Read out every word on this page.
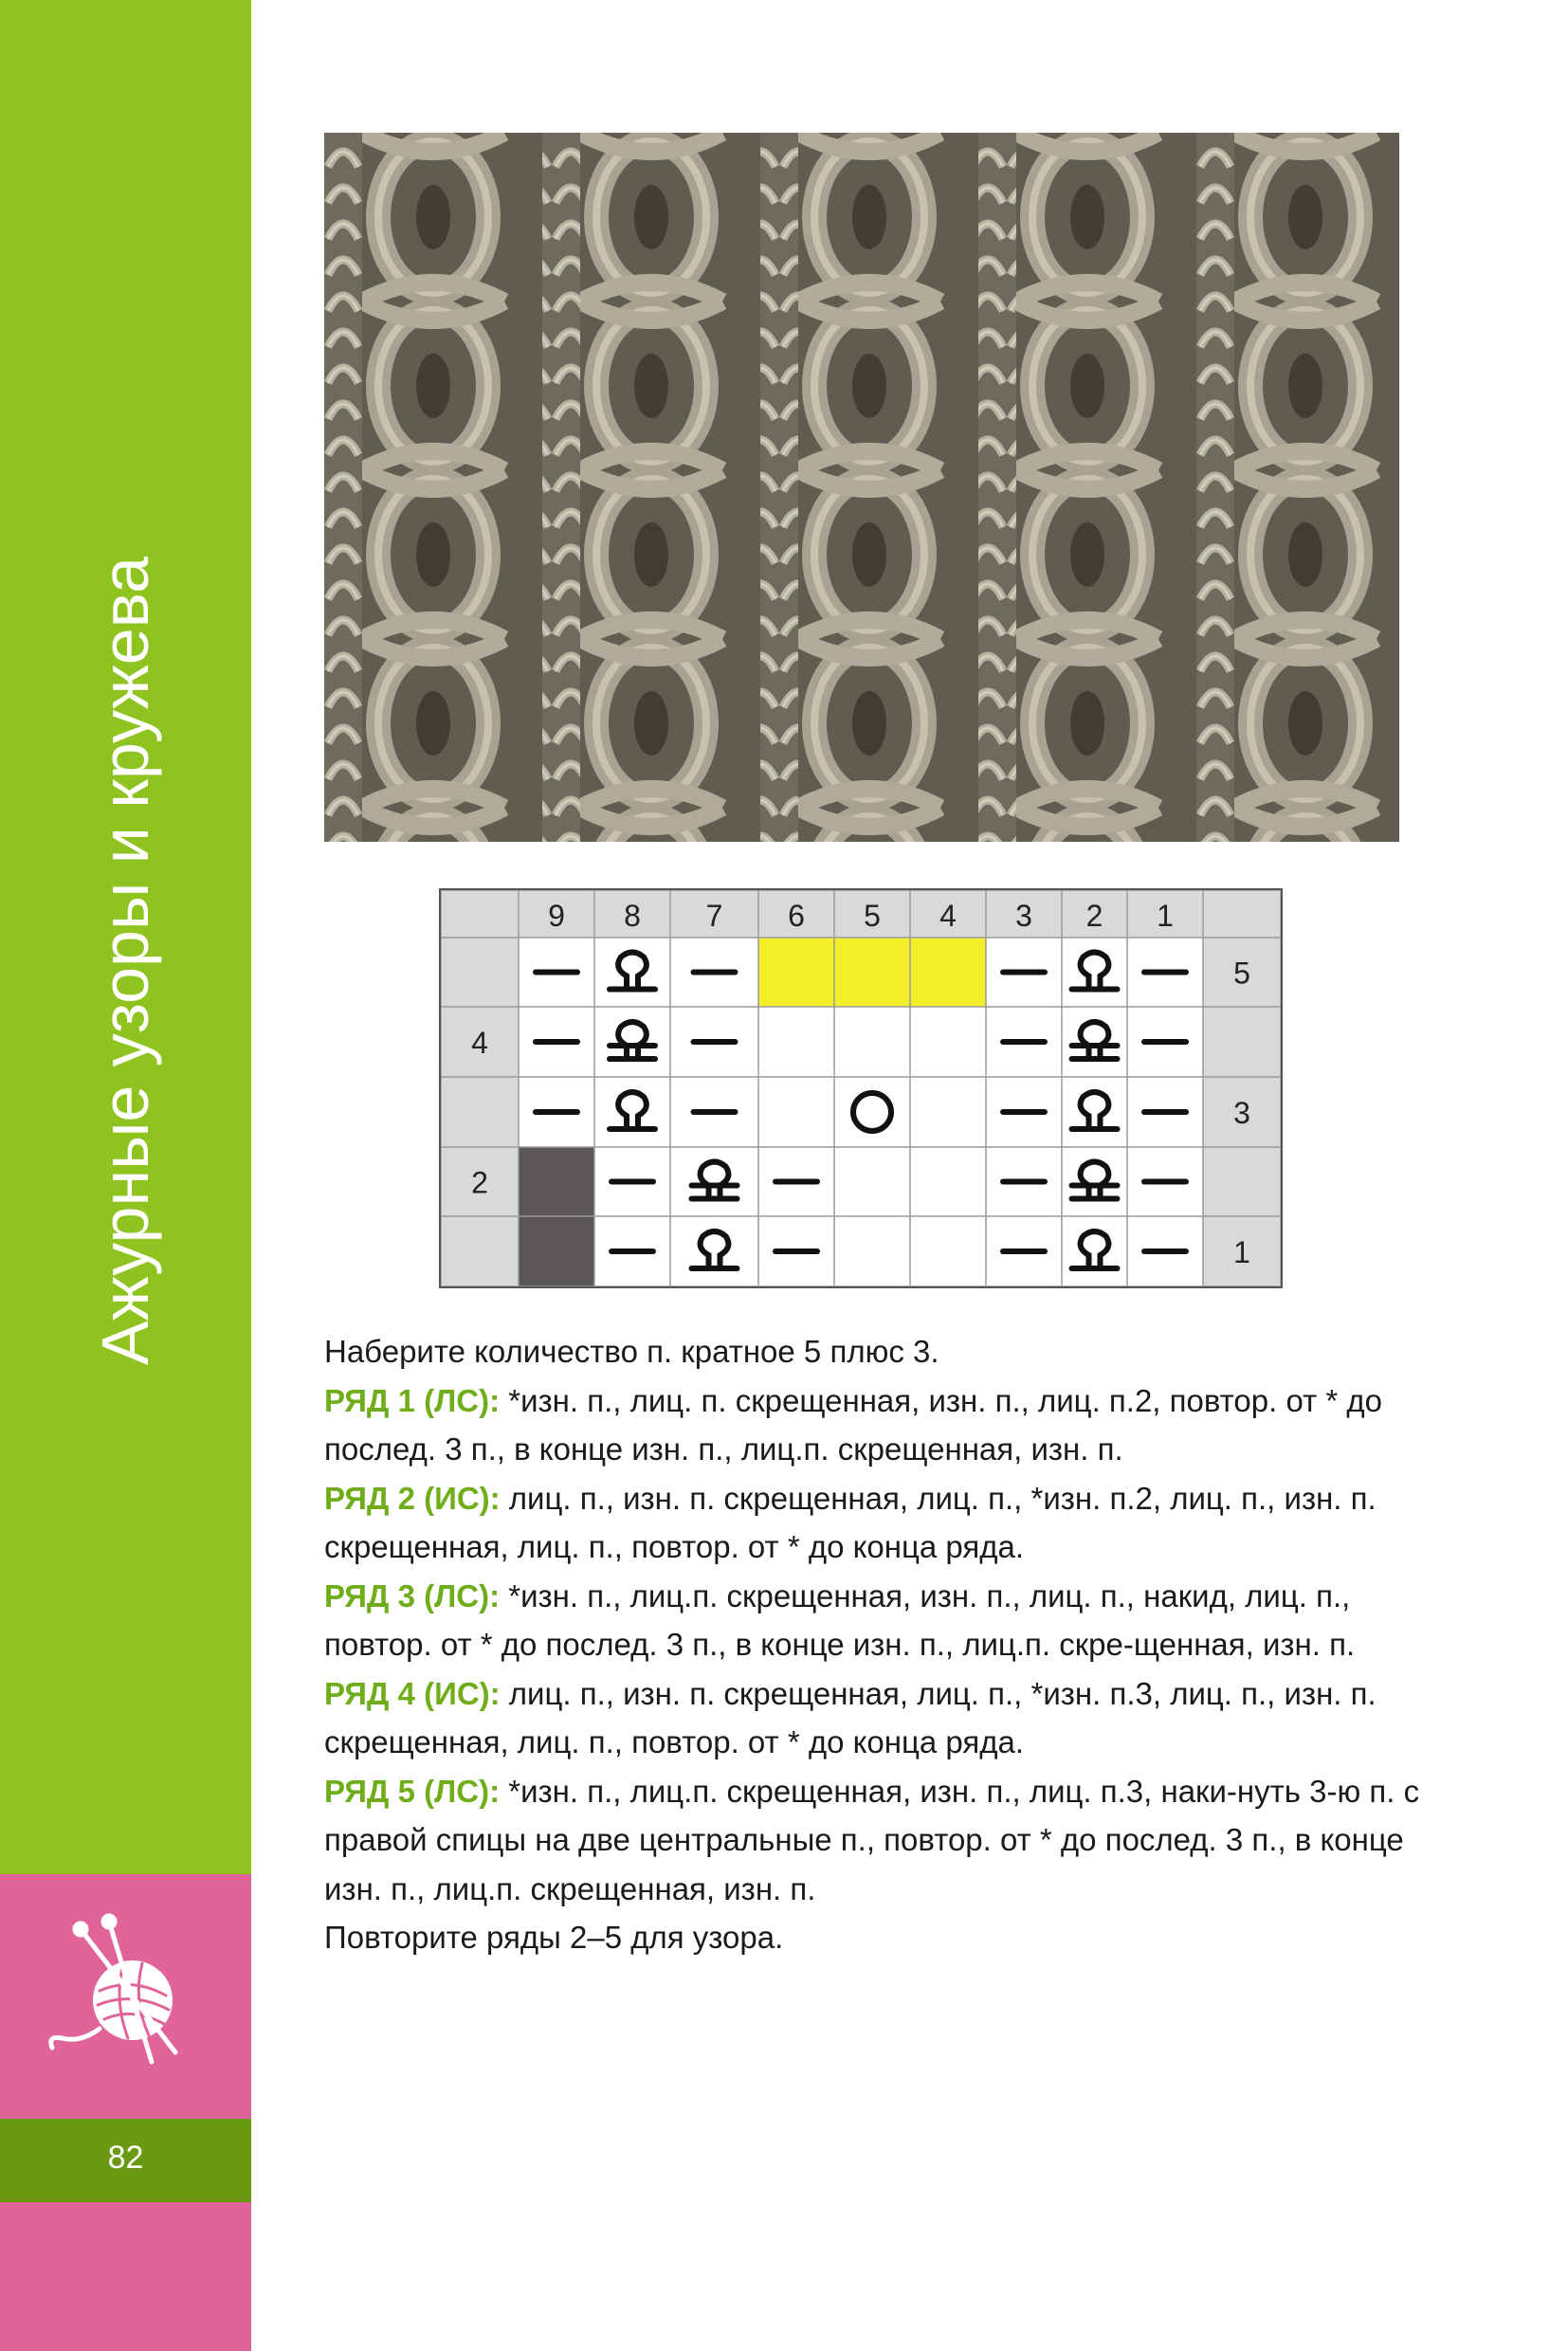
Ажурные узоры и кружева
82
9 8 7 6 5 4 3 2 1
5
3
1
4
2

Наберите количество п. кратное 5 плюс 3.

РЯД 1 (ЛС): *изн. п., лиц. п. скрещенная, изн. п., лиц. п.2, повтор. от * до послед. 3 п., в конце изн. п., лиц.п. скрещенная, изн. п.

РЯД 2 (ИС): лиц. п., изн. п. скрещенная, лиц. п., *изн. п.2, лиц. п., изн. п. скрещенная, лиц. п., повтор. от * до конца ряда.

РЯД 3 (ЛС): *изн. п., лиц.п. скрещенная, изн. п., лиц. п., накид, лиц. п., повтор. от * до послед. 3 п., в конце изн. п., лиц.п. скре-щенная, изн. п.

РЯД 4 (ИС): лиц. п., изн. п. скрещенная, лиц. п., *изн. п.3, лиц. п., изн. п. скрещенная, лиц. п., повтор. от * до конца ряда.

РЯД 5 (ЛС): *изн. п., лиц.п. скрещенная, изн. п., лиц. п.3, наки-нуть 3-ю п. с правой спицы на две центральные п., повтор. от * до послед. 3 п., в конце изн. п., лиц.п. скрещенная, изн. п.

Повторите ряды 2–5 для узора.
